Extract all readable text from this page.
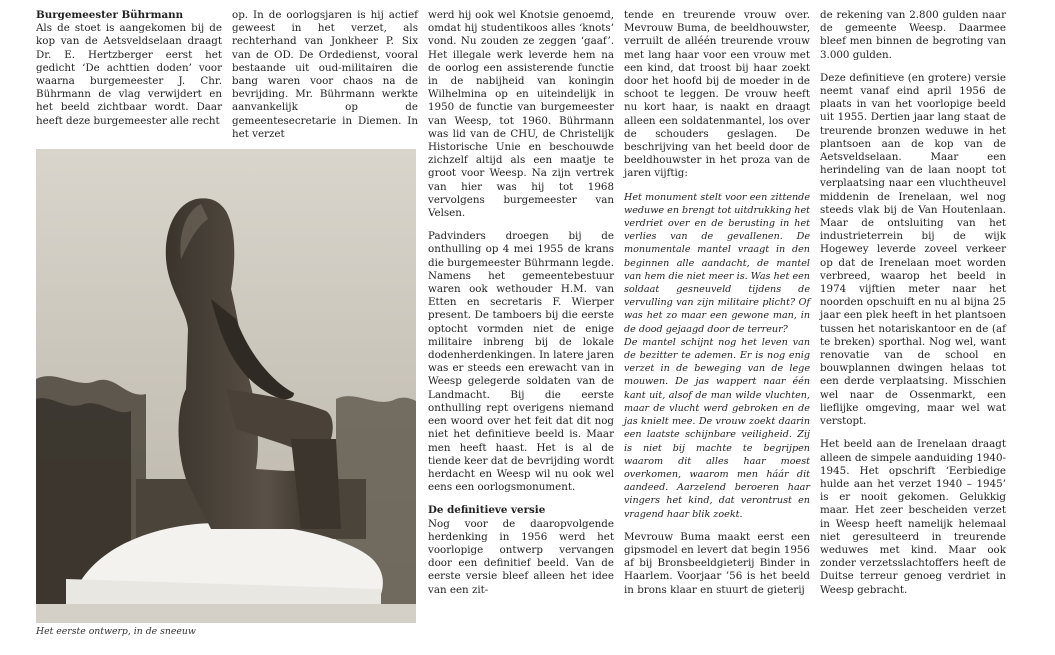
Burgemeester Bührmann

Als de stoet is aangekomen bij de kop van de Aetsveldselaan draagt Dr. E. Hertzberger eerst het gedicht ‘De achttien doden’ voor waarna burgemeester J. Chr. Bührmann de vlag verwijdert en het beeld zichtbaar wordt. Daar heeft deze burgemeester alle recht

op. In de oorlogsjaren is hij actief geweest in het verzet, als rechterhand van Jonkheer P. Six van de OD. De Ordedienst, vooral bestaande uit oud-militairen die bang waren voor chaos na de bevrijding. Mr. Bührmann werkte aanvankelijk op de gemeentesecretarie in Diemen. In het verzet

werd hij ook wel Knotsie genoemd, omdat hij studentikoos alles ‘knots’ vond. Nu zouden ze zeggen ‘gaaf’. Het illegale werk leverde hem na de oorlog een assisterende functie in de nabijheid van koningin Wilhelmina op en uiteindelijk in 1950 de functie van burgemeester van Weesp, tot 1960. Bührmann was lid van de CHU, de Christelijk Historische Unie en beschouwde zichzelf altijd als een maatje te groot voor Weesp. Na zijn vertrek van hier was hij tot 1968 vervolgens burgemeester van Velsen.

Padvinders droegen bij de onthulling op 4 mei 1955 de krans die burgemeester Bührmann legde. Namens het gemeentebestuur waren ook wethouder H.M. van Etten en secretaris F. Wierper present. De tamboers bij die eerste optocht vormden niet de enige militaire inbreng bij de lokale dodenherdenkingen. In latere jaren was er steeds een erewacht van in Weesp gelegerde soldaten van de Landmacht. Bij die eerste onthulling rept overigens niemand een woord over het feit dat dit nog niet het definitieve beeld is. Maar men heeft haast. Het is al de tiende keer dat de bevrijding wordt herdacht en Weesp wil nu ook wel eens een oorlogsmonument.

De definitieve versie

Nog voor de daaropvolgende herdenking in 1956 werd het voorlopige ontwerp vervangen door een definitief beeld. Van de eerste versie bleef alleen het idee van een zit-

tende en treurende vrouw over. Mevrouw Buma, de beeldhouwster, verruilt de alléén treurende vrouw met lang haar voor een vrouw met een kind, dat troost bij haar zoekt door het hoofd bij de moeder in de schoot te leggen. De vrouw heeft nu kort haar, is naakt en draagt alleen een soldatenmantel, los over de schouders geslagen. De beschrijving van het beeld door de beeldhouwster in het proza van de jaren vijftig:

Het monument stelt voor een zittende weduwe en brengt tot uitdrukking het verdriet over en de berusting in het verlies van de gevallenen. De monumentale mantel vraagt in den beginnen alle aandacht, de mantel van hem die niet meer is. Was het een soldaat gesneuveld tijdens de vervulling van zijn militaire plicht? Of was het zo maar een gewone man, in de dood gejaagd door de terreur?

De mantel schijnt nog het leven van de bezitter te ademen. Er is nog enig verzet in de beweging van de lege mouwen. De jas wappert naar één kant uit, alsof de man wilde vluchten, maar de vlucht werd gebroken en de jas knielt mee. De vrouw zoekt daarin een laatste schijnbare veiligheid. Zij is niet bij machte te begrijpen waarom dit alles haar moest overkomen, waarom men háár dit aandeed. Aarzelend beroeren haar vingers het kind, dat verontrust en vragend haar blik zoekt.

Mevrouw Buma maakt eerst een gipsmodel en levert dat begin 1956 af bij Bronsbeeldgieterij Binder in Haarlem. Voorjaar ’56 is het beeld in brons klaar en stuurt de gieterij

de rekening van 2.800 gulden naar de gemeente Weesp. Daarmee bleef men binnen de begroting van 3.000 gulden.

Deze definitieve (en grotere) versie neemt vanaf eind april 1956 de plaats in van het voorlopige beeld uit 1955. Dertien jaar lang staat de treurende bronzen weduwe in het plantsoen aan de kop van de Aetsveldselaan. Maar een herindeling van de laan noopt tot verplaatsing naar een vluchtheuvel middenin de Irenelaan, wel nog steeds vlak bij de Van Houtenlaan. Maar de ontsluiting van het industrieterrein bij de wijk Hogewey leverde zoveel verkeer op dat de Irenelaan moet worden verbreed, waarop het beeld in 1974 vijftien meter naar het noorden opschuift en nu al bijna 25 jaar een plek heeft in het plantsoen tussen het notariskantoor en de (af te breken) sporthal. Nog wel, want renovatie van de school en bouwplannen dwingen helaas tot een derde verplaatsing. Misschien wel naar de Ossenmarkt, een lieflijke omgeving, maar wel wat verstopt.

Het beeld aan de Irenelaan draagt alleen de simpele aanduiding 1940-1945. Het opschrift ‘Eerbiedige hulde aan het verzet 1940 – 1945’ is er nooit gekomen. Gelukkig maar. Het zeer bescheiden verzet in Weesp heeft namelijk helemaal niet geresulteerd in treurende weduwes met kind. Maar ook zonder verzetsslachtoffers heeft de Duitse terreur genoeg verdriet in Weesp gebracht.

Het eerste ontwerp, in de sneeuw
